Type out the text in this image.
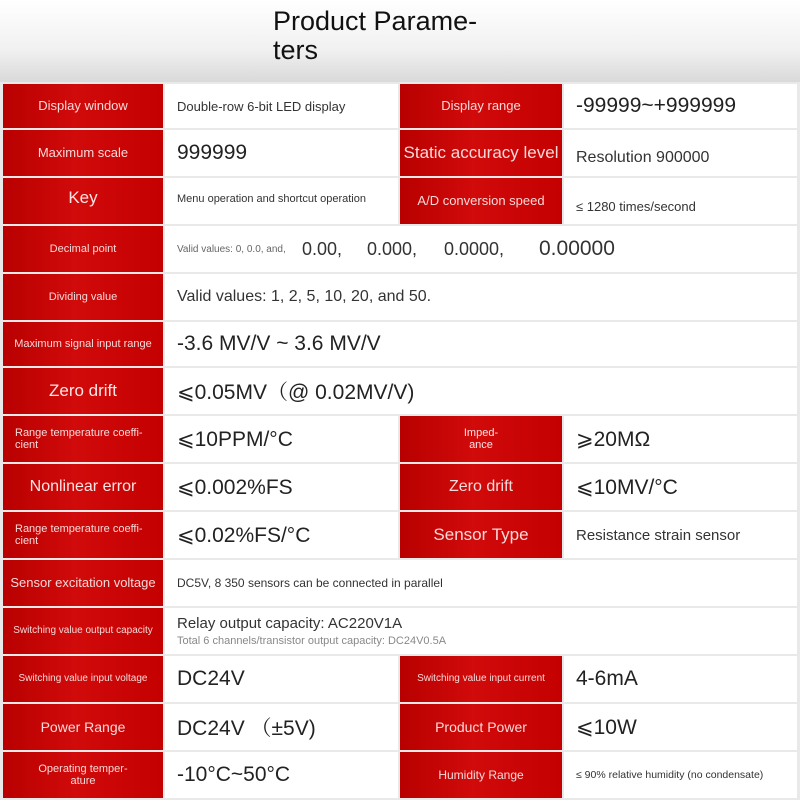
Product Parame-
ters
Display window	Double-row 6-bit LED display	Display range	-99999~+999999
Maximum scale	999999	Static accuracy level	Resolution 900000
Key	Menu operation and shortcut operation	A/D conversion speed	≤ 1280 times/second
Decimal point	Valid values: 0, 0.0, and, 0.00,	0.000,	0.0000,	0.00000
Dividing value	Valid values: 1, 2, 5, 10, 20, and 50.
Maximum signal input range	-3.6 MV/V ~ 3.6 MV/V
Zero drift	⩽0.05MV（@ 0.02MV/V)
Range temperature coeffi-
cient	⩽10PPM/°C	Imped-
ance	⩾20MΩ
Nonlinear error	⩽0.002%FS	Zero drift	⩽10MV/°C
Range temperature coeffi-
cient	⩽0.02%FS/°C	Sensor Type	Resistance strain sensor
Sensor excitation voltage	DC5V, 8 350 sensors can be connected in parallel
Switching value output capacity	Relay output capacity: AC220V1A
Total 6 channels/transistor output capacity: DC24V0.5A
Switching value input voltage	DC24V	Switching value input current	4-6mA
Power Range	DC24V （±5V)	Product Power	⩽10W
Operating temper-
ature	-10°C~50°C	Humidity Range	≤ 90% relative humidity (no condensate)
